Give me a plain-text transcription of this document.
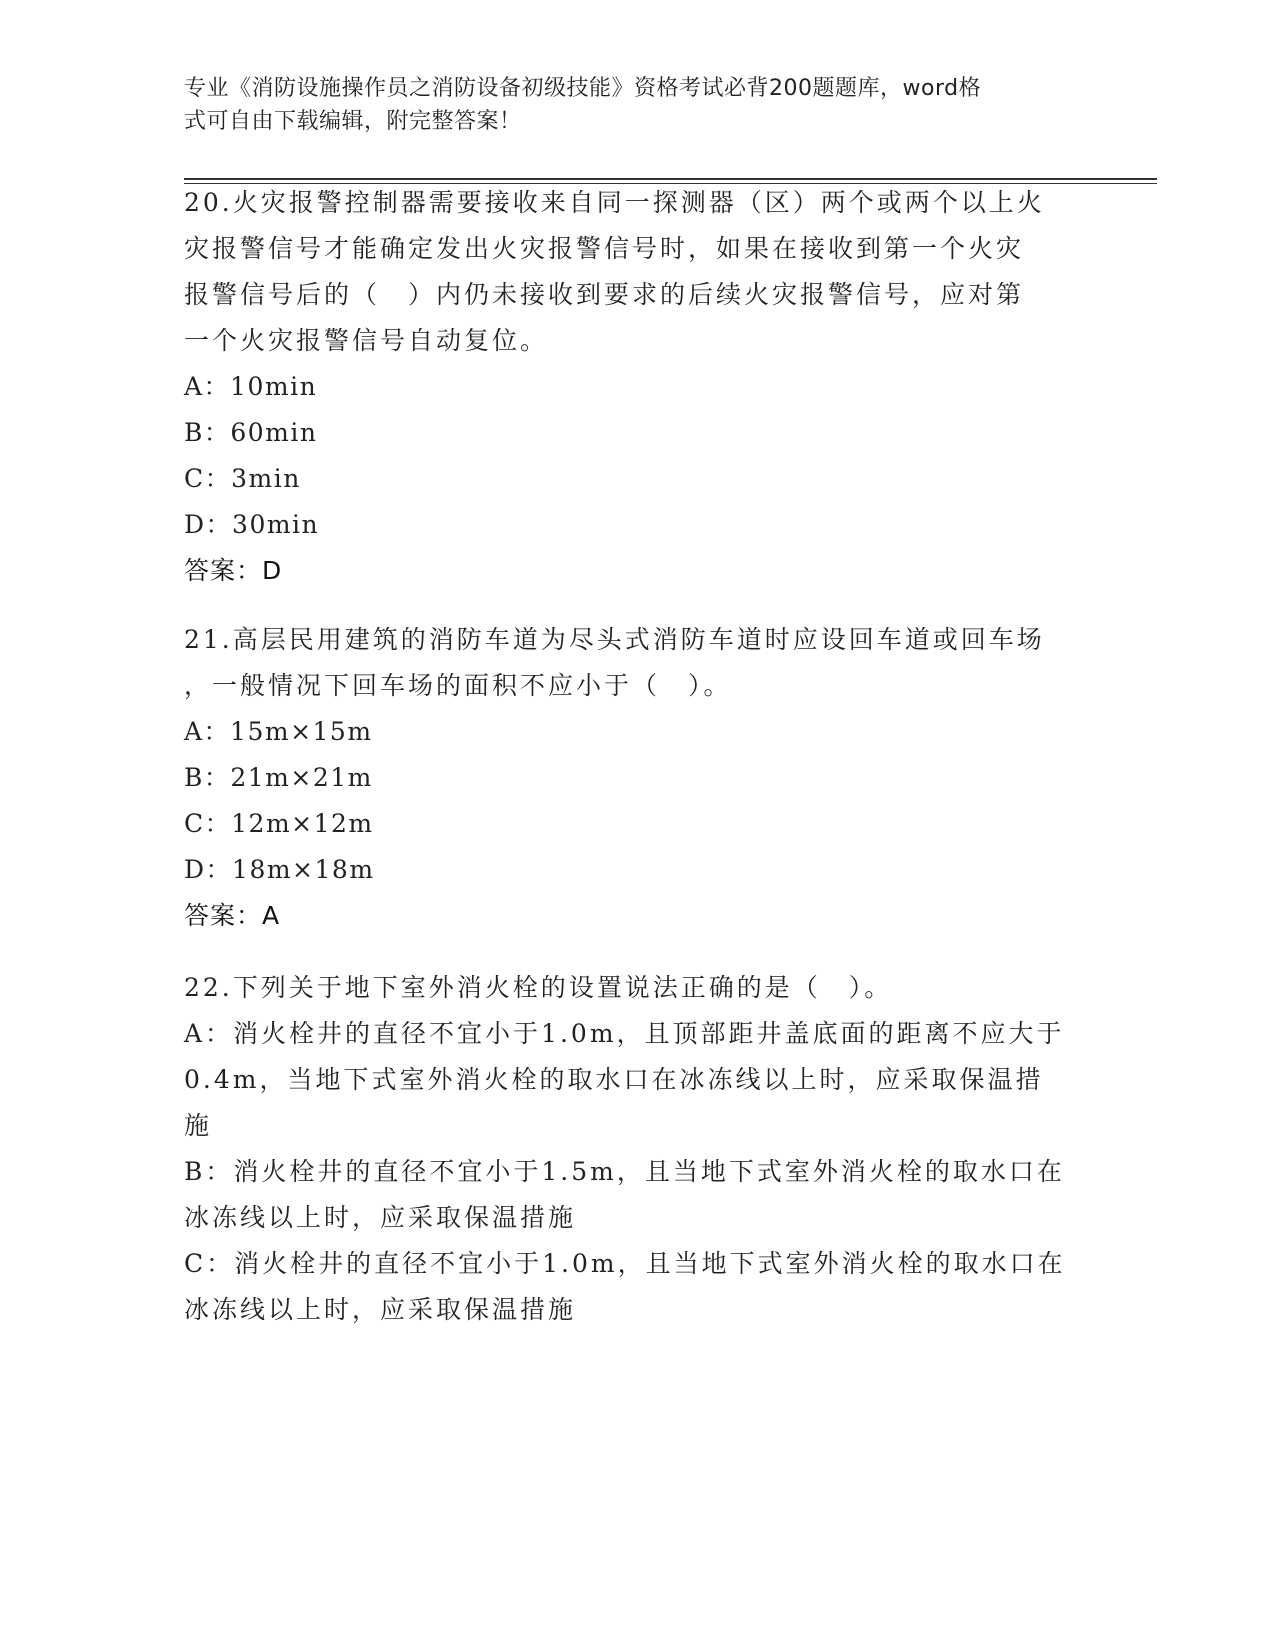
专业《消防设施操作员之消防设备初级技能》资格考试必背200题题库，word格
式可自由下载编辑，附完整答案！

20.火灾报警控制器需要接收来自同一探测器（区）两个或两个以上火

灾报警信号才能确定发出火灾报警信号时，如果在接收到第一个火灾

报警信号后的（　）内仍未接收到要求的后续火灾报警信号，应对第

一个火灾报警信号自动复位。

A：10min

B：60min

C：3min

D：30min

答案：D

21.高层民用建筑的消防车道为尽头式消防车道时应设回车道或回车场

，一般情况下回车场的面积不应小于（　）。

A：15m×15m

B：21m×21m

C：12m×12m

D：18m×18m

答案：A

22.下列关于地下室外消火栓的设置说法正确的是（　）。

A：消火栓井的直径不宜小于1.0m，且顶部距井盖底面的距离不应大于

0.4m，当地下式室外消火栓的取水口在冰冻线以上时，应采取保温措

施

B：消火栓井的直径不宜小于1.5m，且当地下式室外消火栓的取水口在

冰冻线以上时，应采取保温措施

C：消火栓井的直径不宜小于1.0m，且当地下式室外消火栓的取水口在

冰冻线以上时，应采取保温措施
